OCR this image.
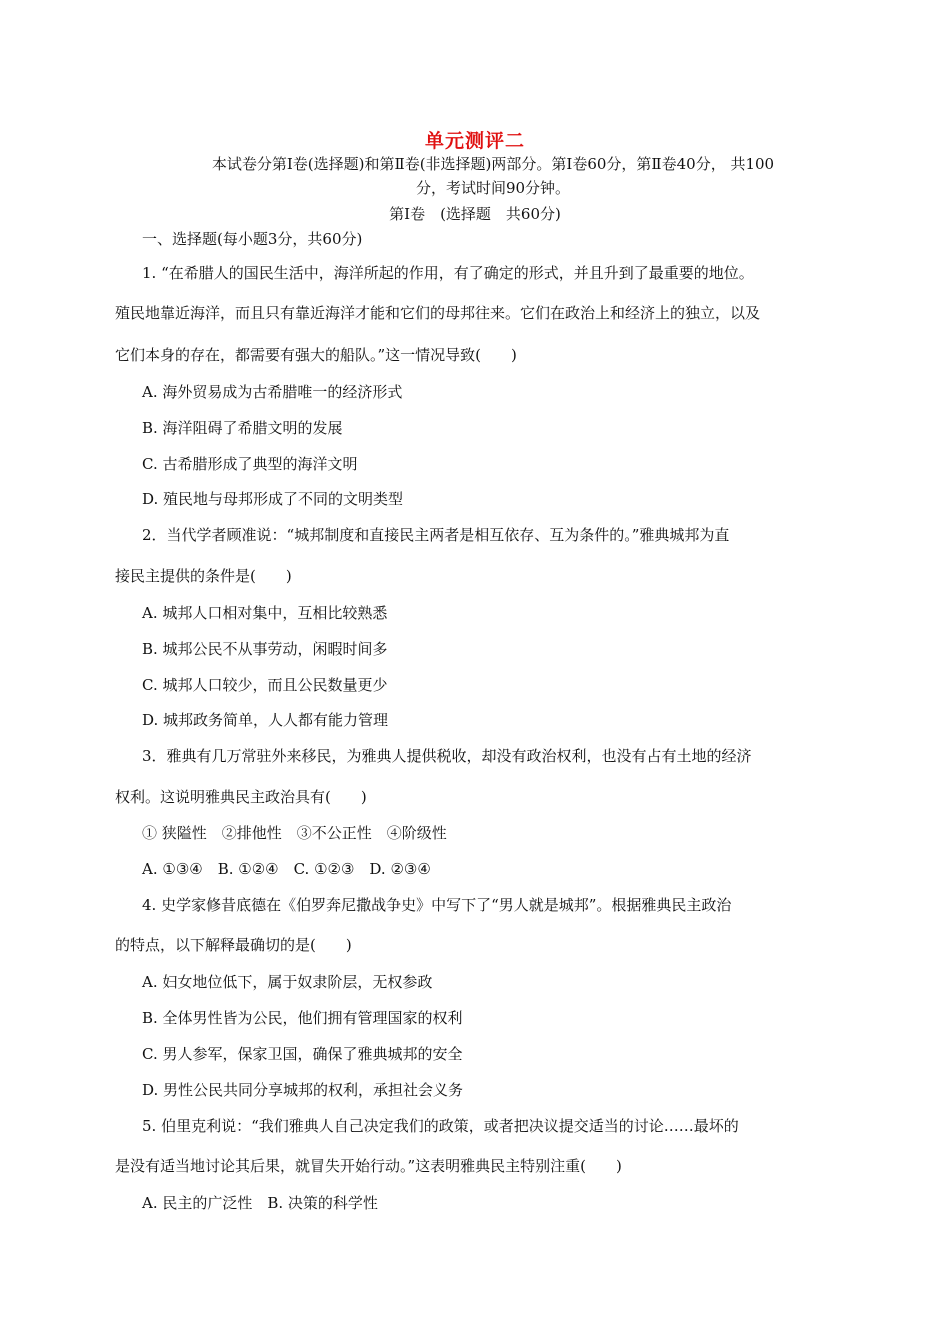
单元测评二
本试卷分第Ⅰ卷(选择题)和第Ⅱ卷(非选择题)两部分。第Ⅰ卷60分，第Ⅱ卷40分， 共100
分，考试时间90分钟。
第Ⅰ卷　(选择题　共60分)
一、选择题(每小题3分，共60分)
1. “在希腊人的国民生活中，海洋所起的作用，有了确定的形式，并且升到了最重要的地位。
殖民地靠近海洋，而且只有靠近海洋才能和它们的母邦往来。它们在政治上和经济上的独立，以及
它们本身的存在，都需要有强大的船队。”这一情况导致(　　)
A. 海外贸易成为古希腊唯一的经济形式
B. 海洋阻碍了希腊文明的发展
C. 古希腊形成了典型的海洋文明
D. 殖民地与母邦形成了不同的文明类型
2．当代学者顾准说：“城邦制度和直接民主两者是相互依存、互为条件的。”雅典城邦为直
接民主提供的条件是(　　)
A. 城邦人口相对集中，互相比较熟悉
B. 城邦公民不从事劳动，闲暇时间多
C. 城邦人口较少，而且公民数量更少
D. 城邦政务简单，人人都有能力管理
3．雅典有几万常驻外来移民，为雅典人提供税收，却没有政治权利，也没有占有土地的经济
权利。这说明雅典民主政治具有(　　)
① 狭隘性　②排他性　③不公正性　④阶级性
A. ①③④　B. ①②④　C. ①②③　D. ②③④
4. 史学家修昔底德在《伯罗奔尼撒战争史》中写下了“男人就是城邦”。根据雅典民主政治
的特点，以下解释最确切的是(　　)
A. 妇女地位低下，属于奴隶阶层，无权参政
B. 全体男性皆为公民，他们拥有管理国家的权利
C. 男人参军，保家卫国，确保了雅典城邦的安全
D. 男性公民共同分享城邦的权利，承担社会义务
5. 伯里克利说：“我们雅典人自己决定我们的政策，或者把决议提交适当的讨论……最坏的
是没有适当地讨论其后果，就冒失开始行动。”这表明雅典民主特别注重(　　)
A. 民主的广泛性　B. 决策的科学性
